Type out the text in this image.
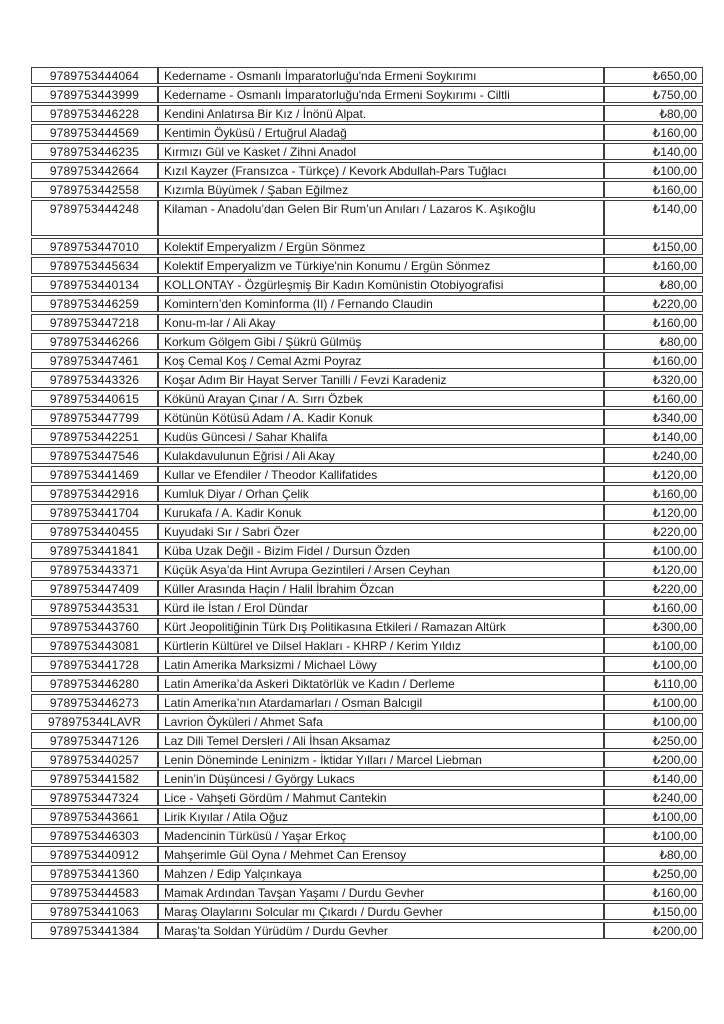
9789753444064	Kedername - Osmanlı İmparatorluğu'nda Ermeni Soykırımı	₺650,00
9789753443999	Kedername - Osmanlı İmparatorluğu'nda Ermeni Soykırımı - Ciltli	₺750,00
9789753446228	Kendini Anlatırsa Bir Kız / İnönü Alpat.	₺80,00
9789753444569	Kentimin Öyküsü / Ertuğrul Aladağ	₺160,00
9789753446235	Kırmızı Gül ve Kasket / Zihni Anadol	₺140,00
9789753442664	Kızıl Kayzer (Fransızca - Türkçe) / Kevork Abdullah-Pars Tuğlacı	₺100,00
9789753442558	Kızımla Büyümek / Şaban Eğilmez	₺160,00
9789753444248	Kilaman - Anadolu’dan Gelen Bir Rum’un Anıları / Lazaros K. Aşıkoğlu	₺140,00
9789753447010	Kolektif Emperyalizm / Ergün Sönmez	₺150,00
9789753445634	Kolektif Emperyalizm ve Türkiye'nin Konumu / Ergün Sönmez	₺160,00
9789753440134	KOLLONTAY - Özgürleşmiş Bir Kadın Komünistin Otobiyografisi	₺80,00
9789753446259	Komintern’den Kominforma (II) / Fernando Claudin	₺220,00
9789753447218	Konu-m-lar / Ali Akay	₺160,00
9789753446266	Korkum Gölgem Gibi / Şükrü Gülmüş	₺80,00
9789753447461	Koş Cemal Koş / Cemal Azmi Poyraz	₺160,00
9789753443326	Koşar Adım Bir Hayat Server Tanilli / Fevzi Karadeniz	₺320,00
9789753440615	Kökünü Arayan Çınar / A. Sırrı Özbek	₺160,00
9789753447799	Kötünün Kötüsü Adam / A. Kadir Konuk	₺340,00
9789753442251	Kudüs Güncesi / Sahar Khalifa	₺140,00
9789753447546	Kulakdavulunun Eğrisi / Ali Akay	₺240,00
9789753441469	Kullar ve Efendiler / Theodor Kallifatides	₺120,00
9789753442916	Kumluk Diyar / Orhan Çelik	₺160,00
9789753441704	Kurukafa / A. Kadir Konuk	₺120,00
9789753440455	Kuyudaki Sır / Sabri Özer	₺220,00
9789753441841	Küba Uzak Değil - Bizim Fidel / Dursun Özden	₺100,00
9789753443371	Küçük Asya’da Hint Avrupa Gezintileri / Arsen Ceyhan	₺120,00
9789753447409	Küller Arasında Haçin / Halil İbrahim Özcan	₺220,00
9789753443531	Kürd ile İstan / Erol Dündar	₺160,00
9789753443760	Kürt Jeopolitiğinin Türk Dış Politikasına Etkileri / Ramazan Altürk	₺300,00
9789753443081	Kürtlerin Kültürel ve Dilsel Hakları - KHRP / Kerim Yıldız	₺100,00
9789753441728	Latin Amerika Marksizmi / Michael Löwy	₺100,00
9789753446280	Latin Amerika’da Askeri Diktatörlük ve Kadın / Derleme	₺110,00
9789753446273	Latin Amerika’nın Atardamarları / Osman Balcıgil	₺100,00
978975344LAVR	Lavrion Öyküleri / Ahmet Safa	₺100,00
9789753447126	Laz Dili Temel Dersleri / Ali İhsan Aksamaz	₺250,00
9789753440257	Lenin Döneminde Leninizm - İktidar Yılları / Marcel Liebman	₺200,00
9789753441582	Lenin’in Düşüncesi / György Lukacs	₺140,00
9789753447324	Lice - Vahşeti Gördüm / Mahmut Cantekin	₺240,00
9789753443661	Lirik Kıyılar / Atila Oğuz	₺100,00
9789753446303	Madencinin Türküsü / Yaşar Erkoç	₺100,00
9789753440912	Mahşerimle Gül Oyna / Mehmet Can Erensoy	₺80,00
9789753441360	Mahzen / Edip Yalçınkaya	₺250,00
9789753444583	Mamak Ardından Tavşan Yaşamı / Durdu Gevher	₺160,00
9789753441063	Maraş Olaylarını Solcular mı Çıkardı / Durdu Gevher	₺150,00
9789753441384	Maraş’ta Soldan Yürüdüm / Durdu Gevher	₺200,00
